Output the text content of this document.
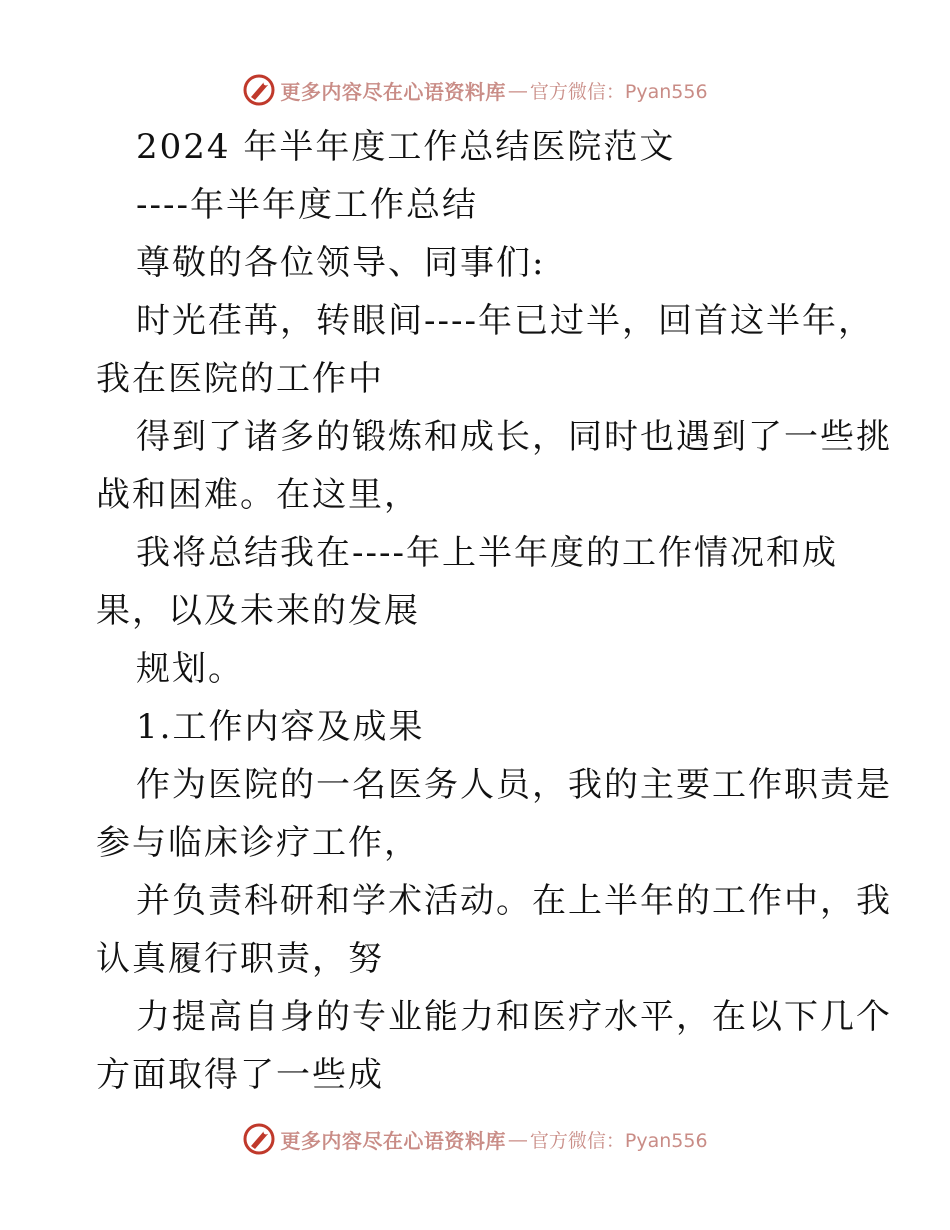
更多内容尽在心语资料库 — 官方微信：Pyan556
2024 年半年度工作总结医院范文
----年半年度工作总结
尊敬的各位领导、同事们:
时光荏苒，转眼间----年已过半，回首这半年，
我在医院的工作中
得到了诸多的锻炼和成长，同时也遇到了一些挑
战和困难。在这里，
我将总结我在----年上半年度的工作情况和成
果，以及未来的发展
规划。
1.工作内容及成果
作为医院的一名医务人员，我的主要工作职责是
参与临床诊疗工作，
并负责科研和学术活动。在上半年的工作中，我
认真履行职责，努
力提高自身的专业能力和医疗水平，在以下几个
方面取得了一些成
更多内容尽在心语资料库 — 官方微信：Pyan556
